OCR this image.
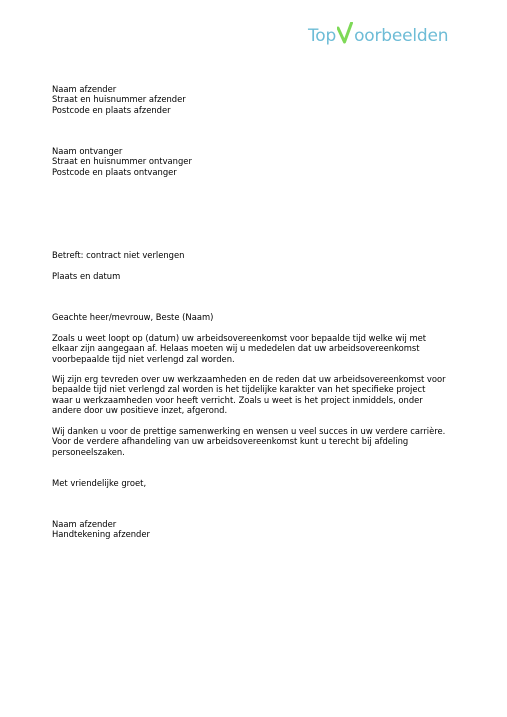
Top oorbeelden
Naam afzender
Straat en huisnummer afzender
Postcode en plaats afzender
Naam ontvanger
Straat en huisnummer ontvanger
Postcode en plaats ontvanger
Betreft: contract niet verlengen
Plaats en datum
Geachte heer/mevrouw, Beste (Naam)
Zoals u weet loopt op (datum) uw arbeidsovereenkomst voor bepaalde tijd welke wij met
elkaar zijn aangegaan af. Helaas moeten wij u mededelen dat uw arbeidsovereenkomst
voorbepaalde tijd niet verlengd zal worden.
Wij zijn erg tevreden over uw werkzaamheden en de reden dat uw arbeidsovereenkomst voor
bepaalde tijd niet verlengd zal worden is het tijdelijke karakter van het specifieke project
waar u werkzaamheden voor heeft verricht. Zoals u weet is het project inmiddels, onder
andere door uw positieve inzet, afgerond.
Wij danken u voor de prettige samenwerking en wensen u veel succes in uw verdere carrière.
Voor de verdere afhandeling van uw arbeidsovereenkomst kunt u terecht bij afdeling
personeelszaken.
Met vriendelijke groet,
Naam afzender
Handtekening afzender
